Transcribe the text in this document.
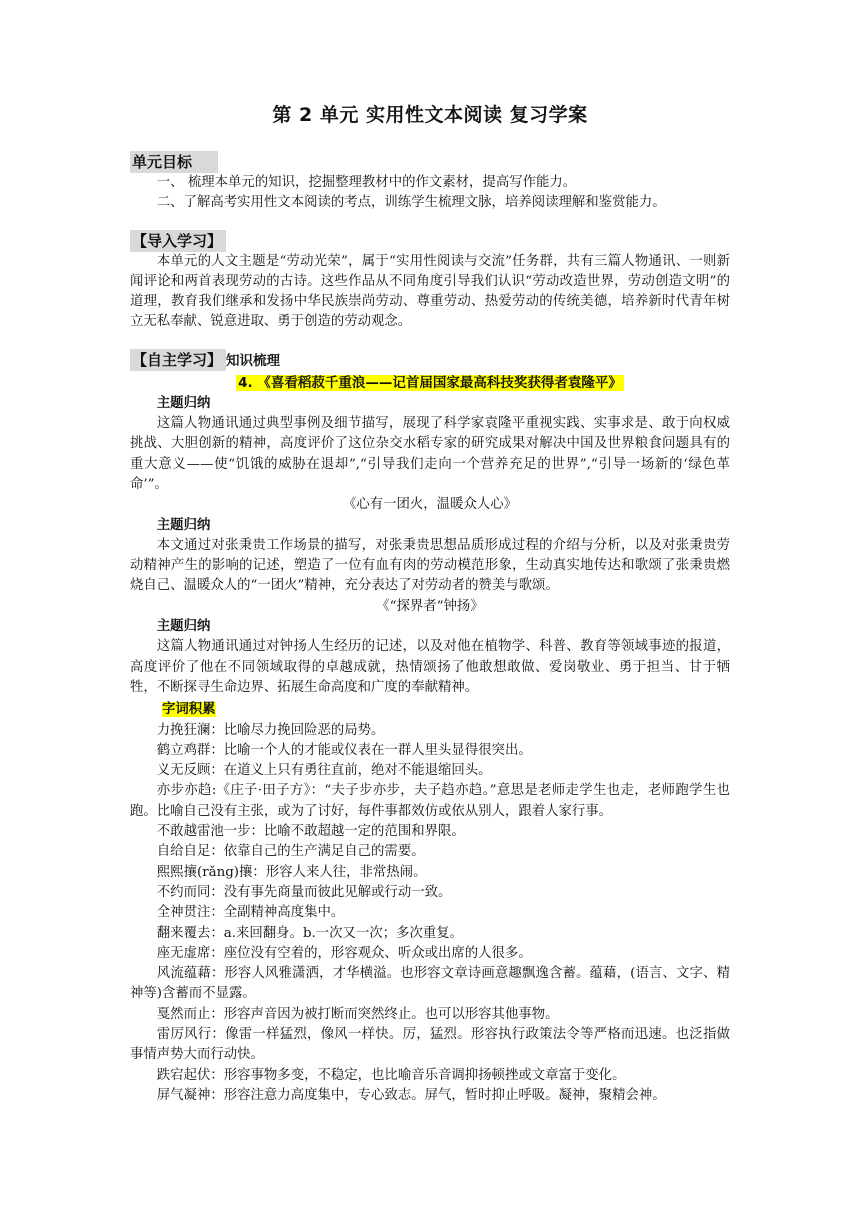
第 2 单元 实用性文本阅读 复习学案
单元目标

一、 梳理本单元的知识，挖掘整理教材中的作文素材，提高写作能力。

二、了解高考实用性文本阅读的考点，训练学生梳理文脉，培养阅读理解和鉴赏能力。

【导入学习】

本单元的人文主题是“劳动光荣”，属于“实用性阅读与交流”任务群，共有三篇人物通讯、一则新闻评论和两首表现劳动的古诗。这些作品从不同角度引导我们认识“劳动改造世界，劳动创造文明”的道理，教育我们继承和发扬中华民族崇尚劳动、尊重劳动、热爱劳动的传统美德，培养新时代青年树立无私奉献、锐意进取、勇于创造的劳动观念。

【自主学习】 知识梳理
4. 《喜看稻菽千重浪——记首届国家最高科技奖获得者袁隆平》
主题归纳

这篇人物通讯通过典型事例及细节描写，展现了科学家袁隆平重视实践、实事求是、敢于向权威挑战、大胆创新的精神，高度评价了这位杂交水稻专家的研究成果对解决中国及世界粮食问题具有的重大意义——使“饥饿的威胁在退却”,“引导我们走向一个营养充足的世界”,“引导一场新的‘绿色革命’”。

《心有一团火，温暖众人心》
主题归纳

本文通过对张秉贵工作场景的描写，对张秉贵思想品质形成过程的介绍与分析，以及对张秉贵劳动精神产生的影响的记述，塑造了一位有血有肉的劳动模范形象，生动真实地传达和歌颂了张秉贵燃烧自己、温暖众人的“一团火”精神，充分表达了对劳动者的赞美与歌颂。

《“探界者”钟扬》
主题归纳

这篇人物通讯通过对钟扬人生经历的记述，以及对他在植物学、科普、教育等领域事迹的报道，高度评价了他在不同领域取得的卓越成就，热情颂扬了他敢想敢做、爱岗敬业、勇于担当、甘于牺牲，不断探寻生命边界、拓展生命高度和广度的奉献精神。

字词积累

力挽狂澜：比喻尽力挽回险恶的局势。

鹤立鸡群：比喻一个人的才能或仪表在一群人里头显得很突出。

义无反顾：在道义上只有勇往直前，绝对不能退缩回头。

亦步亦趋:《庄子·田子方》：“夫子步亦步，夫子趋亦趋。”意思是老师走学生也走，老师跑学生也跑。比喻自己没有主张，或为了讨好，每件事都效仿或依从别人，跟着人家行事。

不敢越雷池一步：比喻不敢超越一定的范围和界限。

自给自足：依靠自己的生产满足自己的需要。

熙熙攘(rǎng)攘：形容人来人往，非常热闹。

不约而同：没有事先商量而彼此见解或行动一致。

全神贯注：全副精神高度集中。

翻来覆去：a.来回翻身。b.一次又一次；多次重复。

座无虚席：座位没有空着的，形容观众、听众或出席的人很多。

风流蕴藉：形容人风雅潇洒，才华横溢。也形容文章诗画意趣飘逸含蓄。蕴藉，(语言、文字、精神等)含蓄而不显露。

戛然而止：形容声音因为被打断而突然终止。也可以形容其他事物。

雷厉风行：像雷一样猛烈，像风一样快。厉，猛烈。形容执行政策法令等严格而迅速。也泛指做事情声势大而行动快。

跌宕起伏：形容事物多变，不稳定，也比喻音乐音调抑扬顿挫或文章富于变化。

屏气凝神：形容注意力高度集中，专心致志。屏气，暂时抑止呼吸。凝神，聚精会神。
